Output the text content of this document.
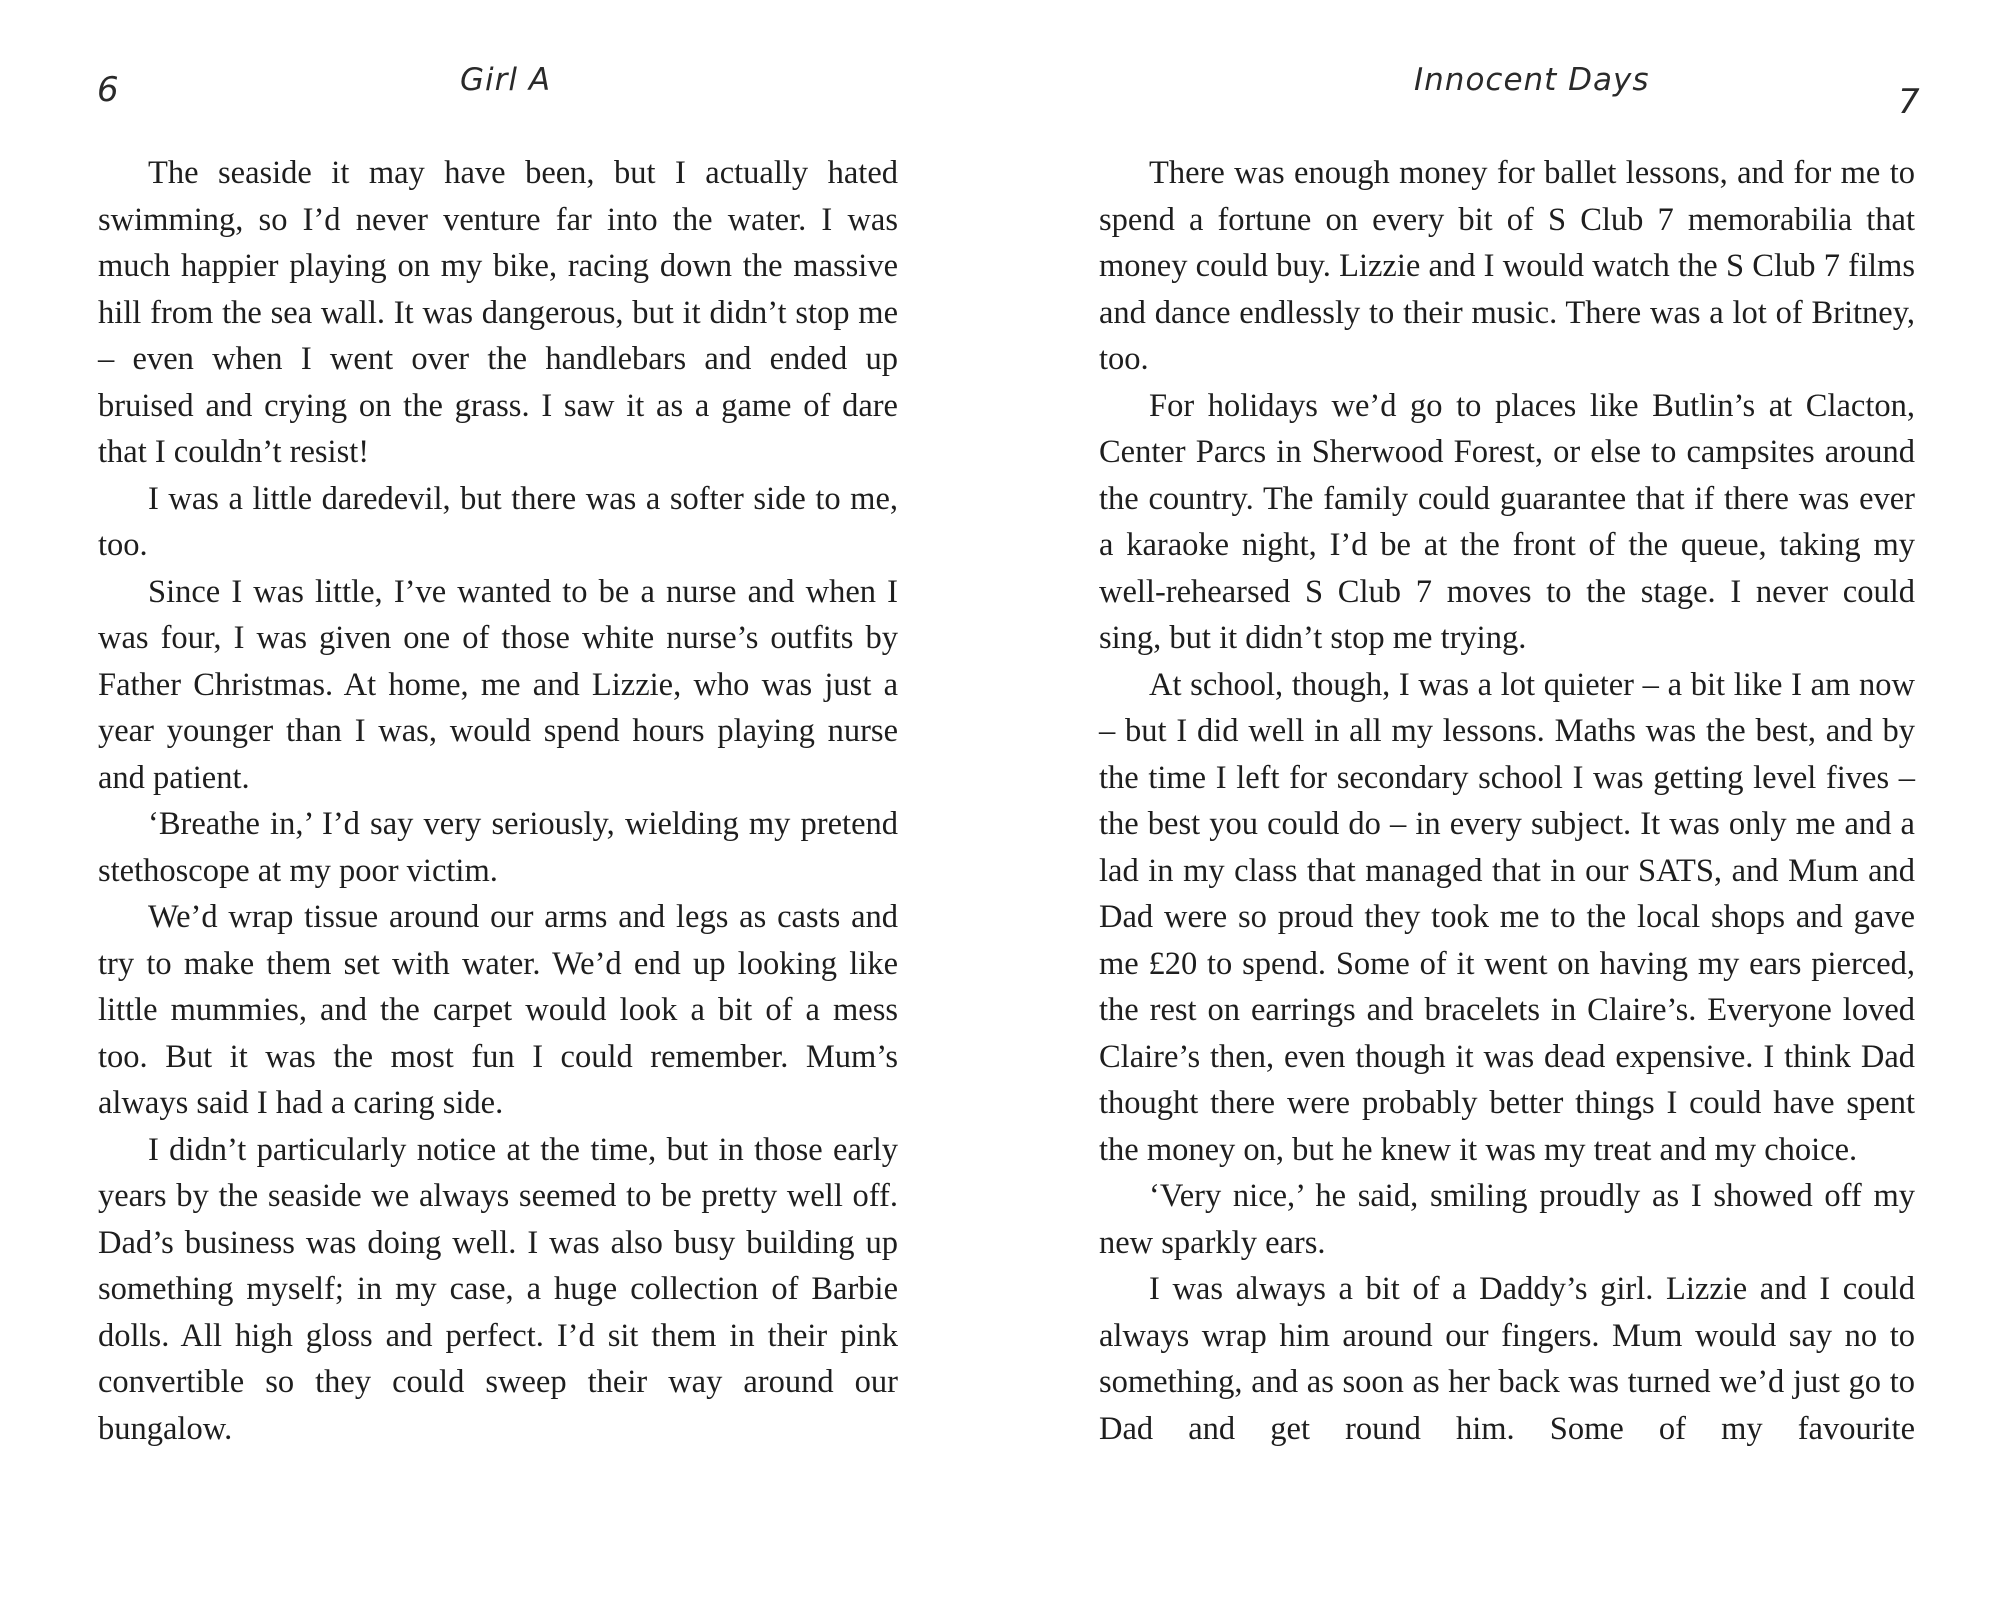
6	Girl A

The seaside it may have been, but I actually hated swimming, so I’d never venture far into the water. I was much happier playing on my bike, racing down the massive hill from the sea wall. It was dangerous, but it didn’t stop me – even when I went over the handlebars and ended up bruised and crying on the grass. I saw it as a game of dare that I couldn’t resist!

I was a little daredevil, but there was a softer side to me, too.

Since I was little, I’ve wanted to be a nurse and when I was four, I was given one of those white nurse’s outfits by Father Christmas. At home, me and Lizzie, who was just a year younger than I was, would spend hours playing nurse and patient.

‘Breathe in,’ I’d say very seriously, wielding my pretend stethoscope at my poor victim.

We’d wrap tissue around our arms and legs as casts and try to make them set with water. We’d end up looking like little mummies, and the carpet would look a bit of a mess too. But it was the most fun I could remember. Mum’s always said I had a caring side.

I didn’t particularly notice at the time, but in those early years by the seaside we always seemed to be pretty well off. Dad’s business was doing well. I was also busy building up something myself; in my case, a huge collection of Barbie dolls. All high gloss and perfect. I’d sit them in their pink convertible so they could sweep their way around our bungalow.

Innocent Days
7

There was enough money for ballet lessons, and for me to spend a fortune on every bit of S Club 7 memorabilia that money could buy. Lizzie and I would watch the S Club 7 films and dance endlessly to their music. There was a lot of Britney, too.

For holidays we’d go to places like Butlin’s at Clacton, Center Parcs in Sherwood Forest, or else to campsites around the country. The family could guarantee that if there was ever a karaoke night, I’d be at the front of the queue, taking my well-rehearsed S Club 7 moves to the stage. I never could sing, but it didn’t stop me trying.

At school, though, I was a lot quieter – a bit like I am now – but I did well in all my lessons. Maths was the best, and by the time I left for secondary school I was getting level fives – the best you could do – in every subject. It was only me and a lad in my class that managed that in our SATS, and Mum and Dad were so proud they took me to the local shops and gave me £20 to spend. Some of it went on having my ears pierced, the rest on earrings and bracelets in Claire’s. Everyone loved Claire’s then, even though it was dead expensive. I think Dad thought there were probably better things I could have spent the money on, but he knew it was my treat and my choice.

‘Very nice,’ he said, smiling proudly as I showed off my new sparkly ears.

I was always a bit of a Daddy’s girl. Lizzie and I could always wrap him around our fingers. Mum would say no to something, and as soon as her back was turned we’d just go to Dad and get round him. Some of my favourite
